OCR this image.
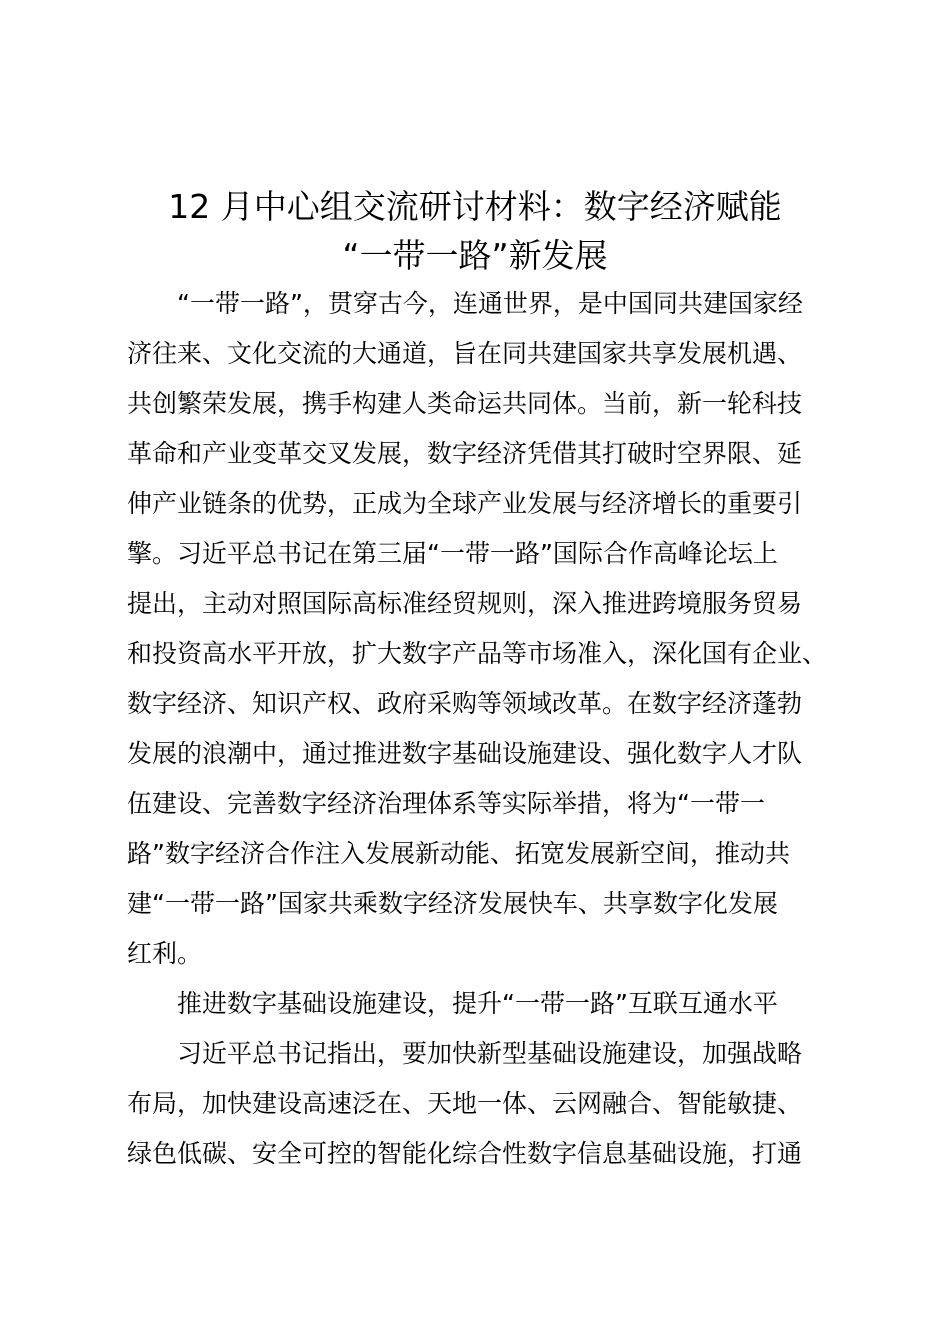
12 月中心组交流研讨材料：数字经济赋能
“一带一路”新发展

“一带一路”，贯穿古今，连通世界，是中国同共建国家经

济往来、文化交流的大通道，旨在同共建国家共享发展机遇、

共创繁荣发展，携手构建人类命运共同体。当前，新一轮科技

革命和产业变革交叉发展，数字经济凭借其打破时空界限、延

伸产业链条的优势，正成为全球产业发展与经济增长的重要引

擎。习近平总书记在第三届“一带一路”国际合作高峰论坛上

提出，主动对照国际高标准经贸规则，深入推进跨境服务贸易

和投资高水平开放，扩大数字产品等市场准入，深化国有企业、

数字经济、知识产权、政府采购等领域改革。在数字经济蓬勃

发展的浪潮中，通过推进数字基础设施建设、强化数字人才队

伍建设、完善数字经济治理体系等实际举措，将为“一带一

路”数字经济合作注入发展新动能、拓宽发展新空间，推动共

建“一带一路”国家共乘数字经济发展快车、共享数字化发展

红利。

推进数字基础设施建设，提升“一带一路”互联互通水平

习近平总书记指出，要加快新型基础设施建设，加强战略

布局，加快建设高速泛在、天地一体、云网融合、智能敏捷、

绿色低碳、安全可控的智能化综合性数字信息基础设施，打通
